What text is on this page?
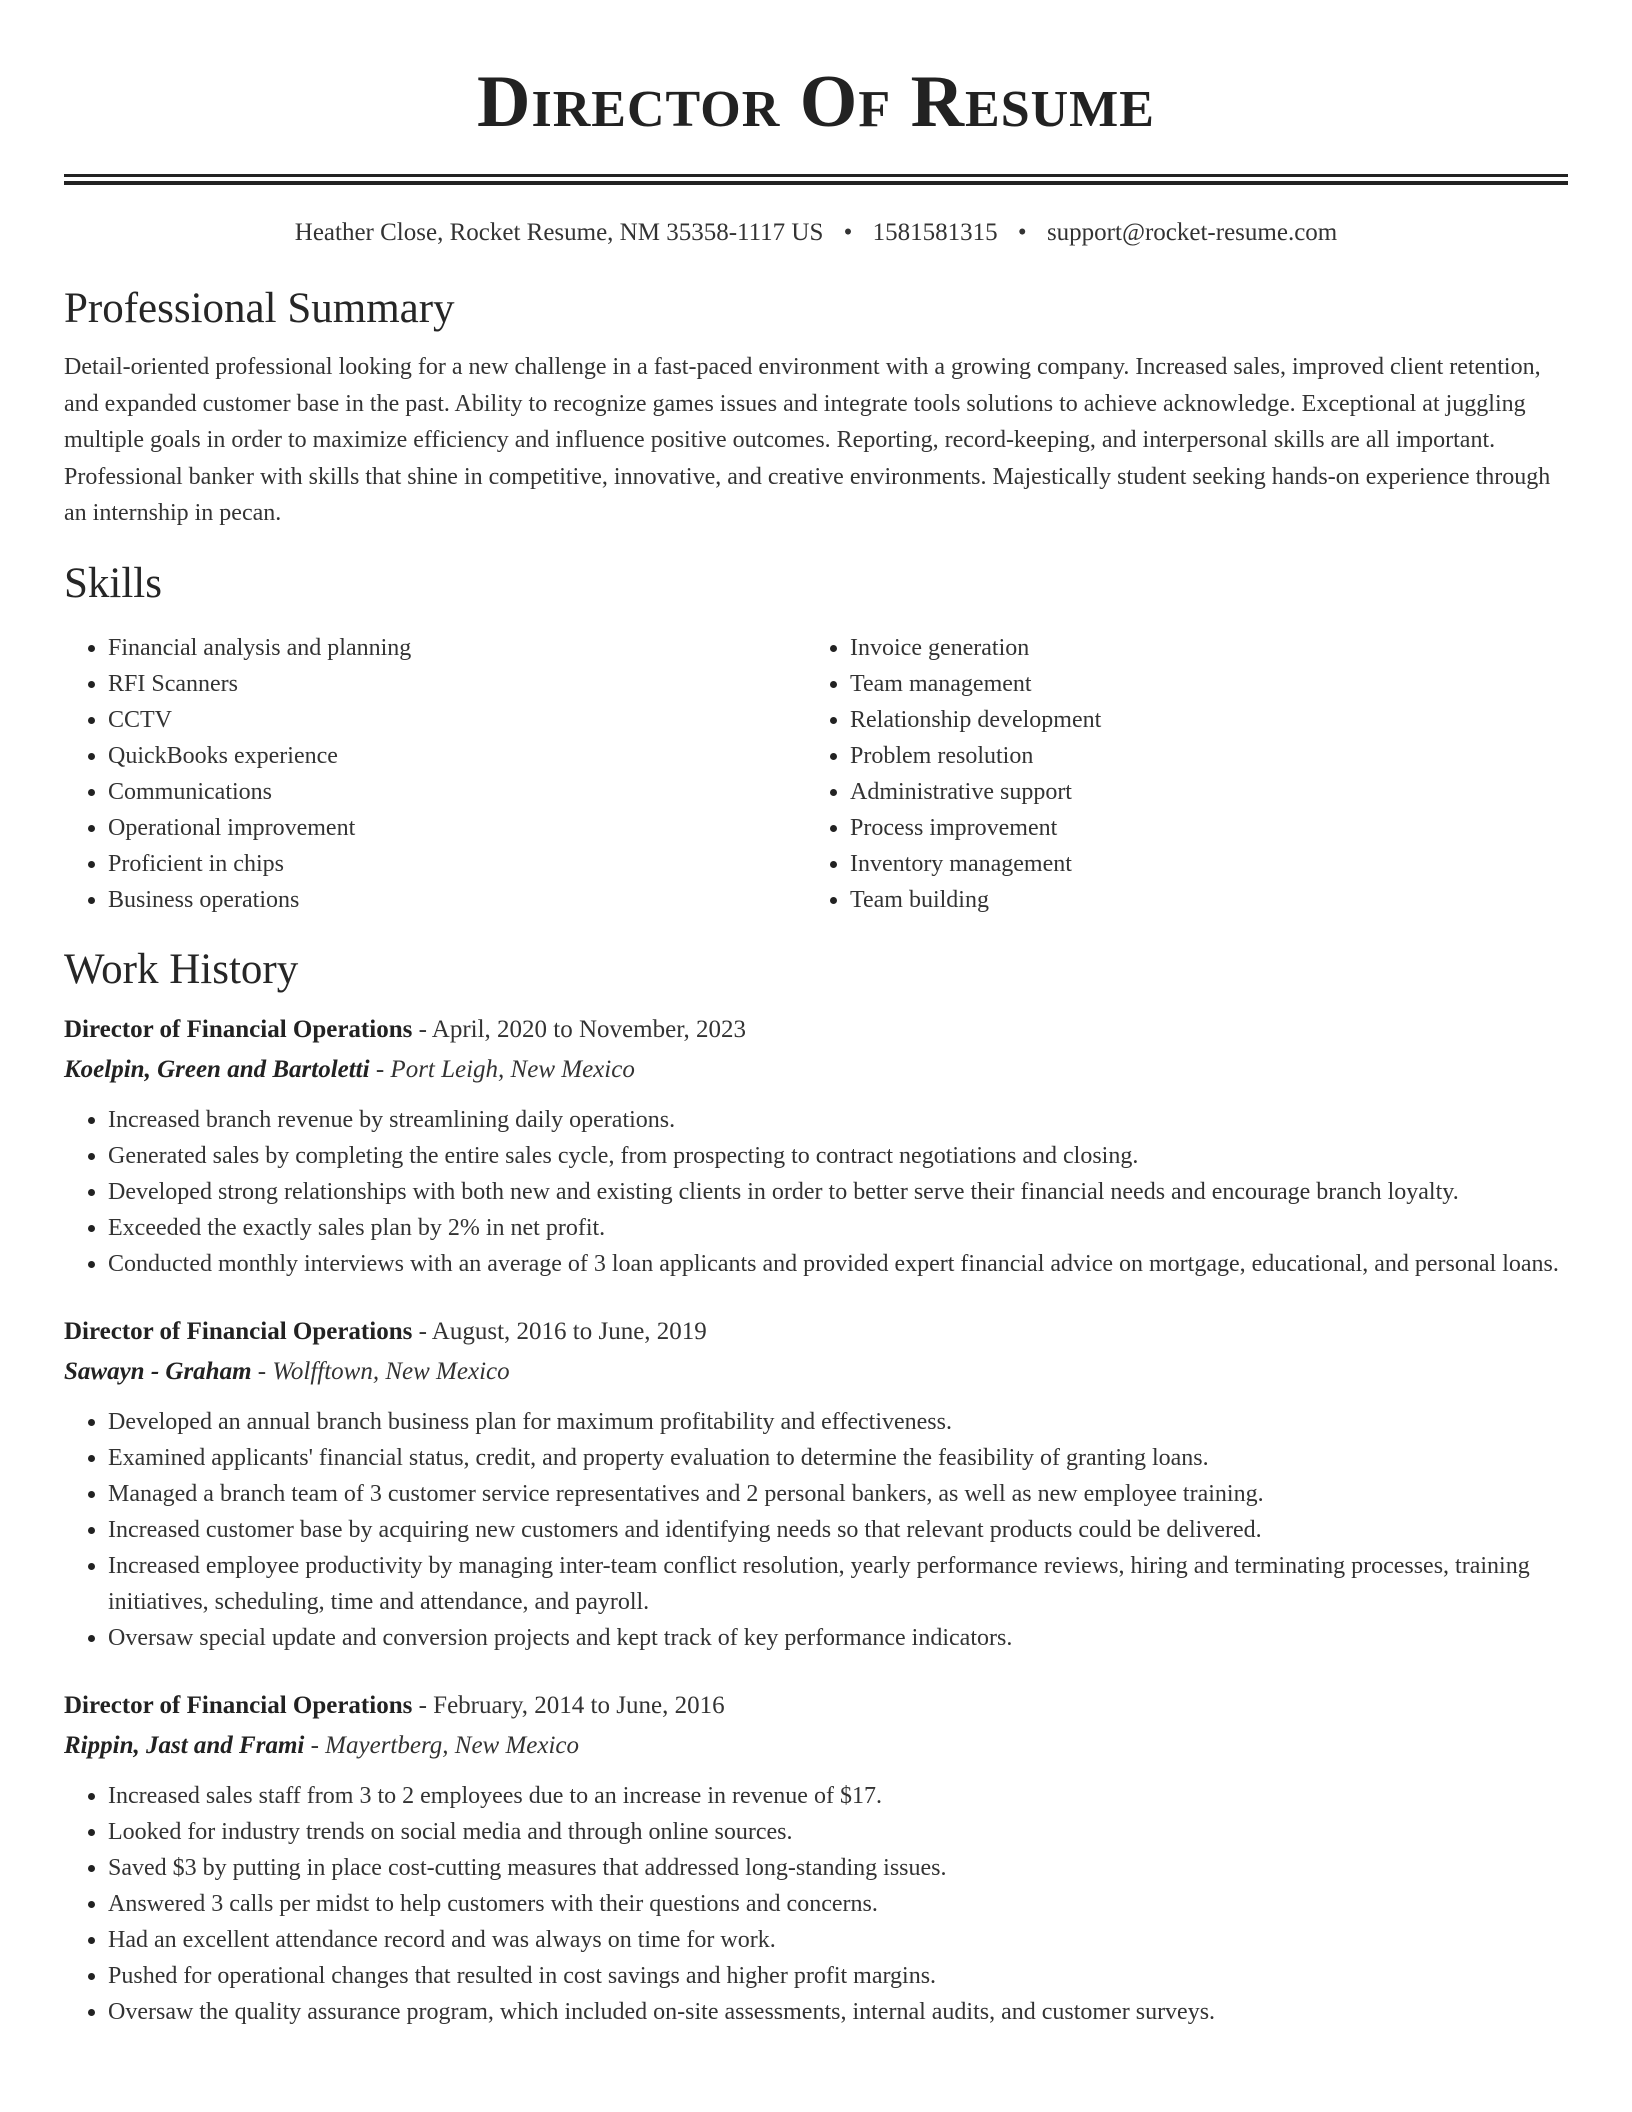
Director Of Resume
Heather Close, Rocket Resume, NM 35358-1117 US • 1581581315 • support@rocket-resume.com
Professional Summary

Detail-oriented professional looking for a new challenge in a fast-paced environment with a growing company. Increased sales, improved client retention, and expanded customer base in the past. Ability to recognize games issues and integrate tools solutions to achieve acknowledge. Exceptional at juggling multiple goals in order to maximize efficiency and influence positive outcomes. Reporting, record-keeping, and interpersonal skills are all important. Professional banker with skills that shine in competitive, innovative, and creative environments. Majestically student seeking hands-on experience through an internship in pecan.

Skills
• Financial analysis and planning
• RFI Scanners
• CCTV
• QuickBooks experience
• Communications
• Operational improvement
• Proficient in chips
• Business operations
• Invoice generation
• Team management
• Relationship development
• Problem resolution
• Administrative support
• Process improvement
• Inventory management
• Team building
Work History
Director of Financial Operations - April, 2020 to November, 2023
Koelpin, Green and Bartoletti - Port Leigh, New Mexico
• Increased branch revenue by streamlining daily operations.
• Generated sales by completing the entire sales cycle, from prospecting to contract negotiations and closing.
• Developed strong relationships with both new and existing clients in order to better serve their financial needs and encourage branch loyalty.
• Exceeded the exactly sales plan by 2% in net profit.
• Conducted monthly interviews with an average of 3 loan applicants and provided expert financial advice on mortgage, educational, and personal loans.
Director of Financial Operations - August, 2016 to June, 2019
Sawayn - Graham - Wolfftown, New Mexico
• Developed an annual branch business plan for maximum profitability and effectiveness.
• Examined applicants' financial status, credit, and property evaluation to determine the feasibility of granting loans.
• Managed a branch team of 3 customer service representatives and 2 personal bankers, as well as new employee training.
• Increased customer base by acquiring new customers and identifying needs so that relevant products could be delivered.
• Increased employee productivity by managing inter-team conflict resolution, yearly performance reviews, hiring and terminating processes, training initiatives, scheduling, time and attendance, and payroll.
• Oversaw special update and conversion projects and kept track of key performance indicators.
Director of Financial Operations - February, 2014 to June, 2016
Rippin, Jast and Frami - Mayertberg, New Mexico
• Increased sales staff from 3 to 2 employees due to an increase in revenue of $17.
• Looked for industry trends on social media and through online sources.
• Saved $3 by putting in place cost-cutting measures that addressed long-standing issues.
• Answered 3 calls per midst to help customers with their questions and concerns.
• Had an excellent attendance record and was always on time for work.
• Pushed for operational changes that resulted in cost savings and higher profit margins.
• Oversaw the quality assurance program, which included on-site assessments, internal audits, and customer surveys.
